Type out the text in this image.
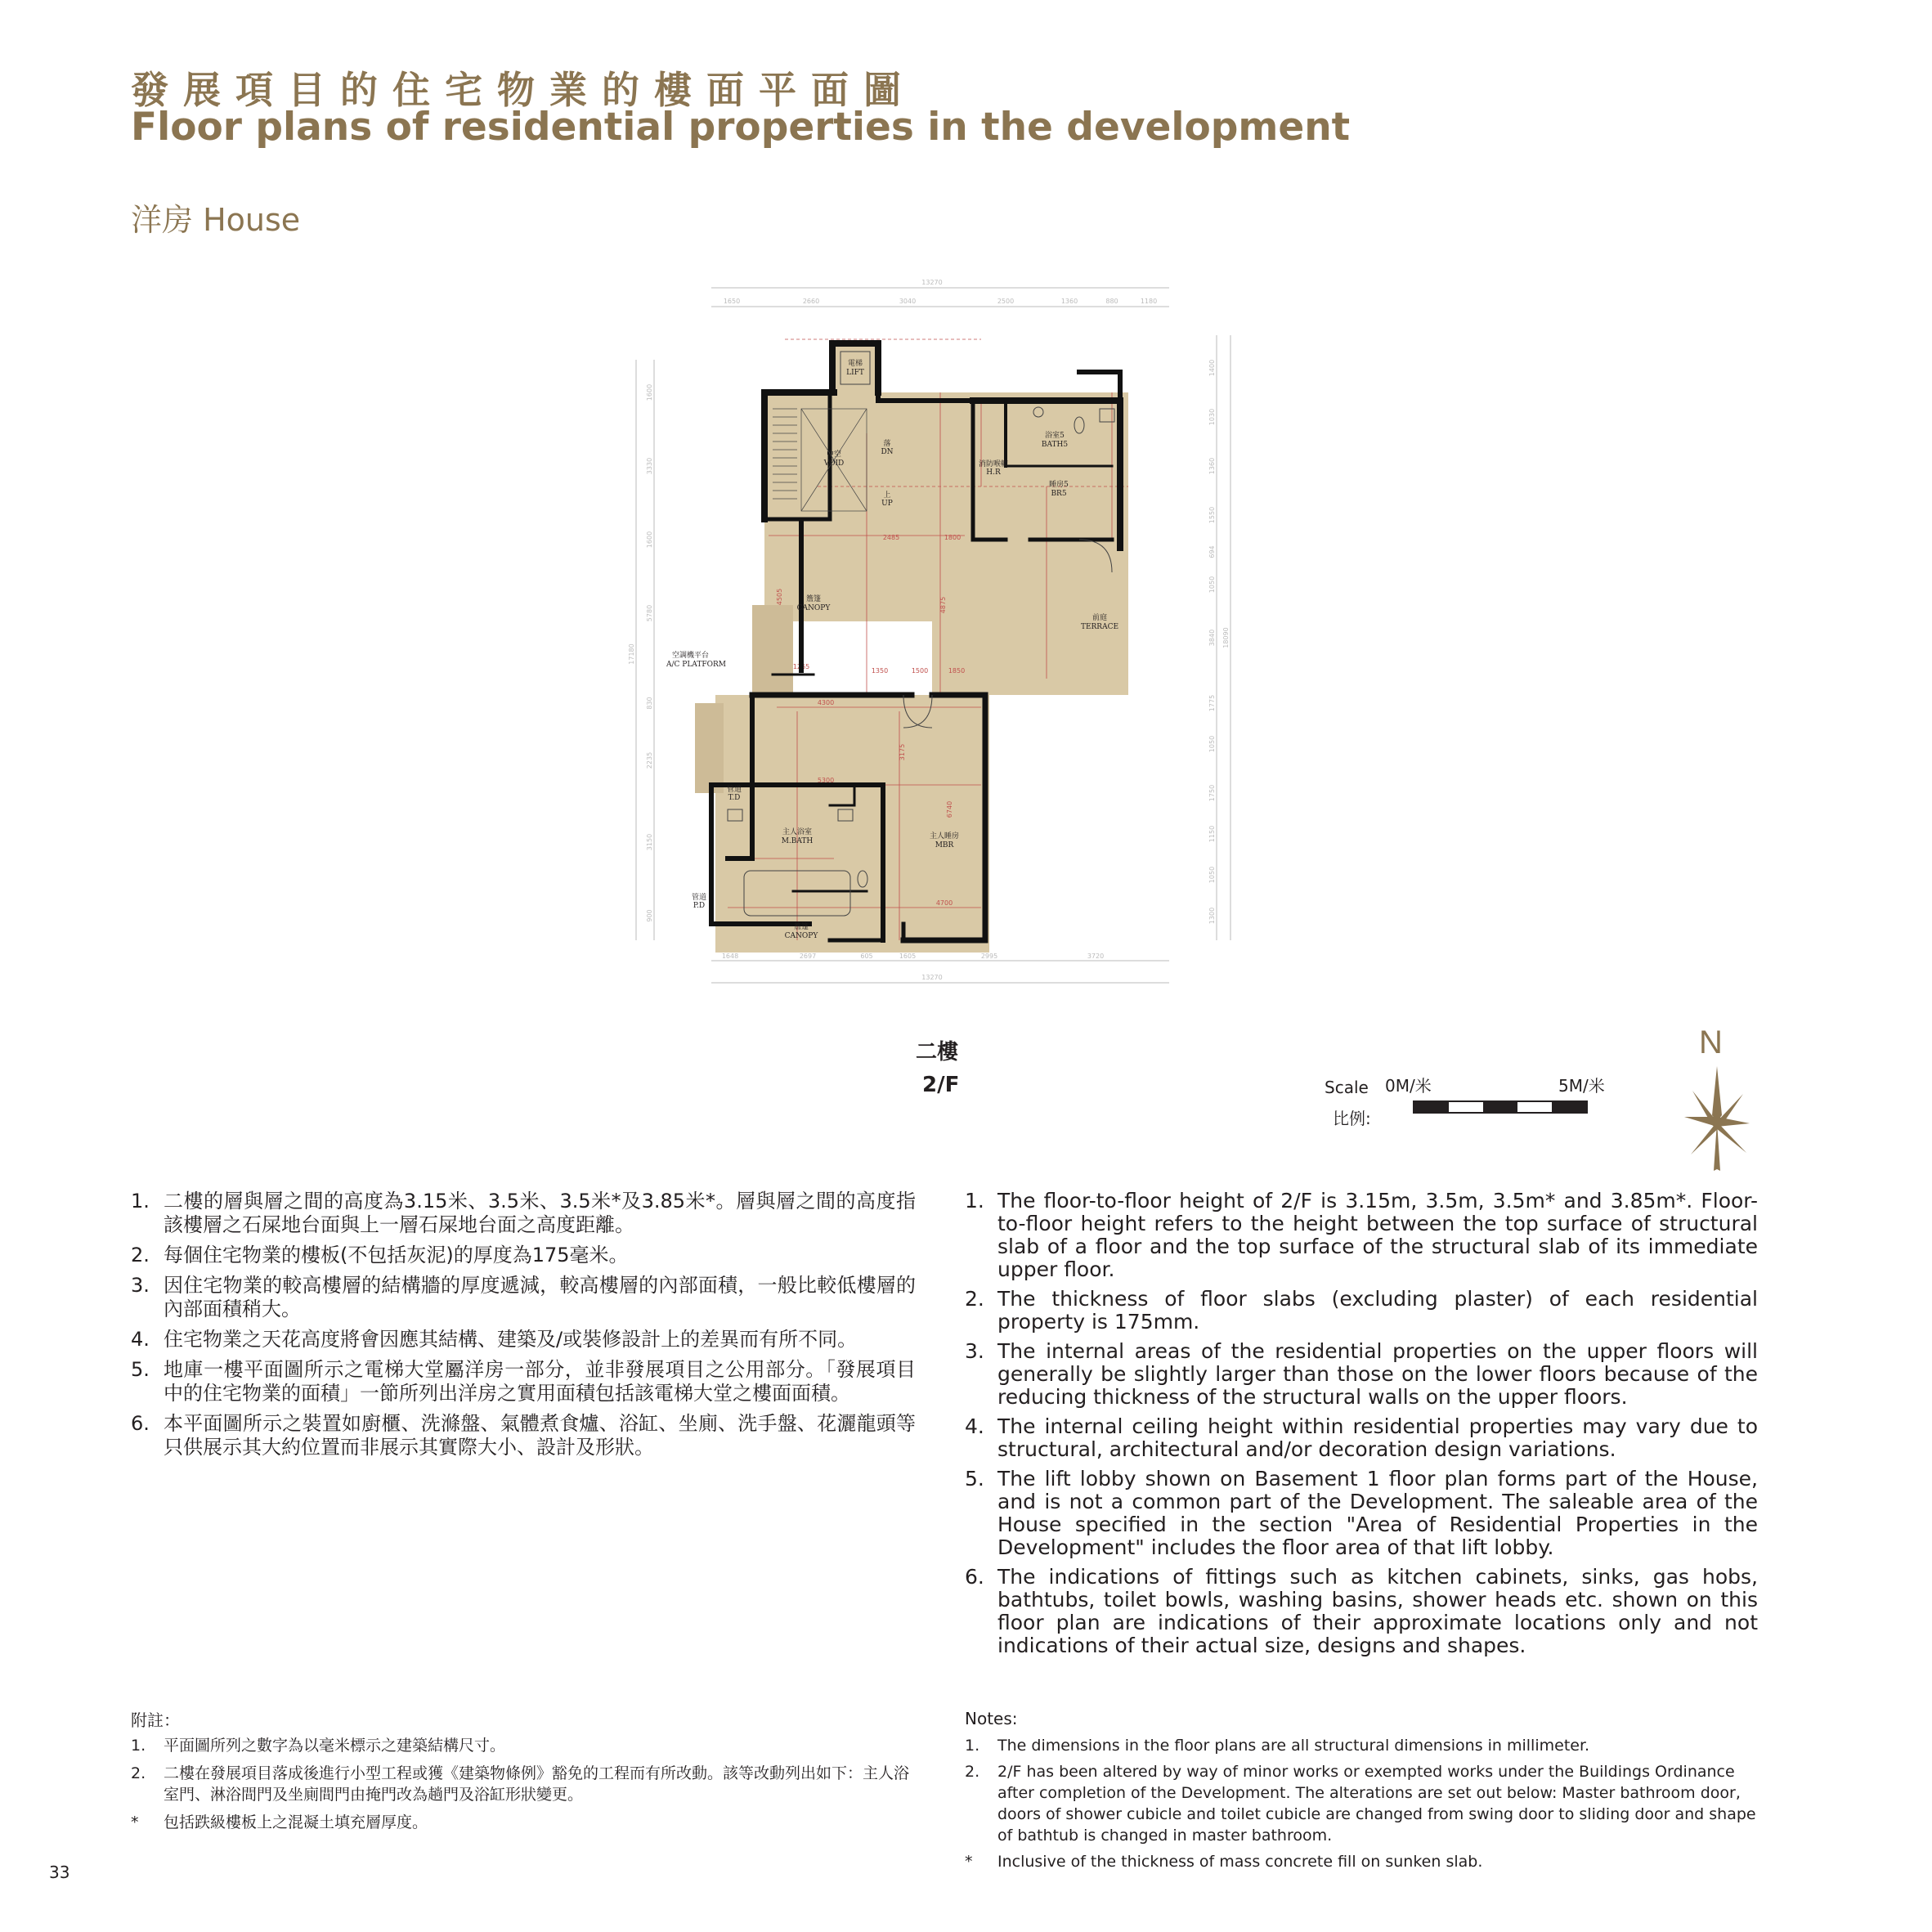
發展項目的住宅物業的樓面平面圖
Floor plans of residential properties in the development
洋房 House
13270
1650	2660	3040	2500	1360	880	1180
1648	2697	605	1605	2995	3720
13270
17180
1600
3330
1600
5780
830
2235
3150
900
18090
1400
1030
1360
1550
694
1050
3840
1775
1050
1750
1150
1050
1300
2485	1800
4875
3175
1350	1500	1850
4300
5300
4700
6740
1265
4505
電梯
LIFT
中空
VOID
浴室5
BATH5
睡房5
BR5
簷篷
CANOPY
前庭
TERRACE
空調機平台
A/C PLATFORM
主人浴室
M.BATH
主人睡房
MBR
簷篷
CANOPY
管道
T.D
管道
P.D
落
DN
上
UP
消防喉轆
H.R
二樓
2/F	Scale
比例:
0M/米	5M/米
N
1. 二樓的層與層之間的高度為3.15米、3.5米、3.5米*及3.85米*。層與層之間的高度指該樓層之石屎地台面與上一層石屎地台面之高度距離。
2. 每個住宅物業的樓板(不包括灰泥)的厚度為175毫米。
3. 因住宅物業的較高樓層的結構牆的厚度遞減，較高樓層的內部面積，一般比較低樓層的內部面積稍大。
4. 住宅物業之天花高度將會因應其結構、建築及/或裝修設計上的差異而有所不同。
5. 地庫一樓平面圖所示之電梯大堂屬洋房一部分，並非發展項目之公用部分。「發展項目中的住宅物業的面積」一節所列出洋房之實用面積包括該電梯大堂之樓面面積。
6. 本平面圖所示之裝置如廚櫃、洗滌盤、氣體煮食爐、浴缸、坐廁、洗手盤、花灑龍頭等只供展示其大約位置而非展示其實際大小、設計及形狀。
1. The floor-to-floor height of 2/F is 3.15m, 3.5m, 3.5m* and 3.85m*. Floor-to-floor height refers to the height between the top surface of structural slab of a floor and the top surface of the structural slab of its immediate upper floor.
2. The thickness of floor slabs (excluding plaster) of each residential property is 175mm.
3. The internal areas of the residential properties on the upper floors will generally be slightly larger than those on the lower floors because of the reducing thickness of the structural walls on the upper floors.
4. The internal ceiling height within residential properties may vary due to structural, architectural and/or decoration design variations.
5. The lift lobby shown on Basement 1 floor plan forms part of the House, and is not a common part of the Development. The saleable area of the House specified in the section "Area of Residential Properties in the Development" includes the floor area of that lift lobby.
6. The indications of fittings such as kitchen cabinets, sinks, gas hobs, bathtubs, toilet bowls, washing basins, shower heads etc. shown on this floor plan are indications of their approximate locations only and not indications of their actual size, designs and shapes.
附註：	Notes:
1. 平面圖所列之數字為以毫米標示之建築結構尺寸。
2. 二樓在發展項目落成後進行小型工程或獲《建築物條例》豁免的工程而有所改動。該等改動列出如下：主人浴室門、淋浴間門及坐廁間門由掩門改為趟門及浴缸形狀變更。
* 包括跌級樓板上之混凝土填充層厚度。
1. The dimensions in the floor plans are all structural dimensions in millimeter.
2. 2/F has been altered by way of minor works or exempted works under the Buildings Ordinance after completion of the Development. The alterations are set out below: Master bathroom door, doors of shower cubicle and toilet cubicle are changed from swing door to sliding door and shape of bathtub is changed in master bathroom.
* Inclusive of the thickness of mass concrete fill on sunken slab.
33
